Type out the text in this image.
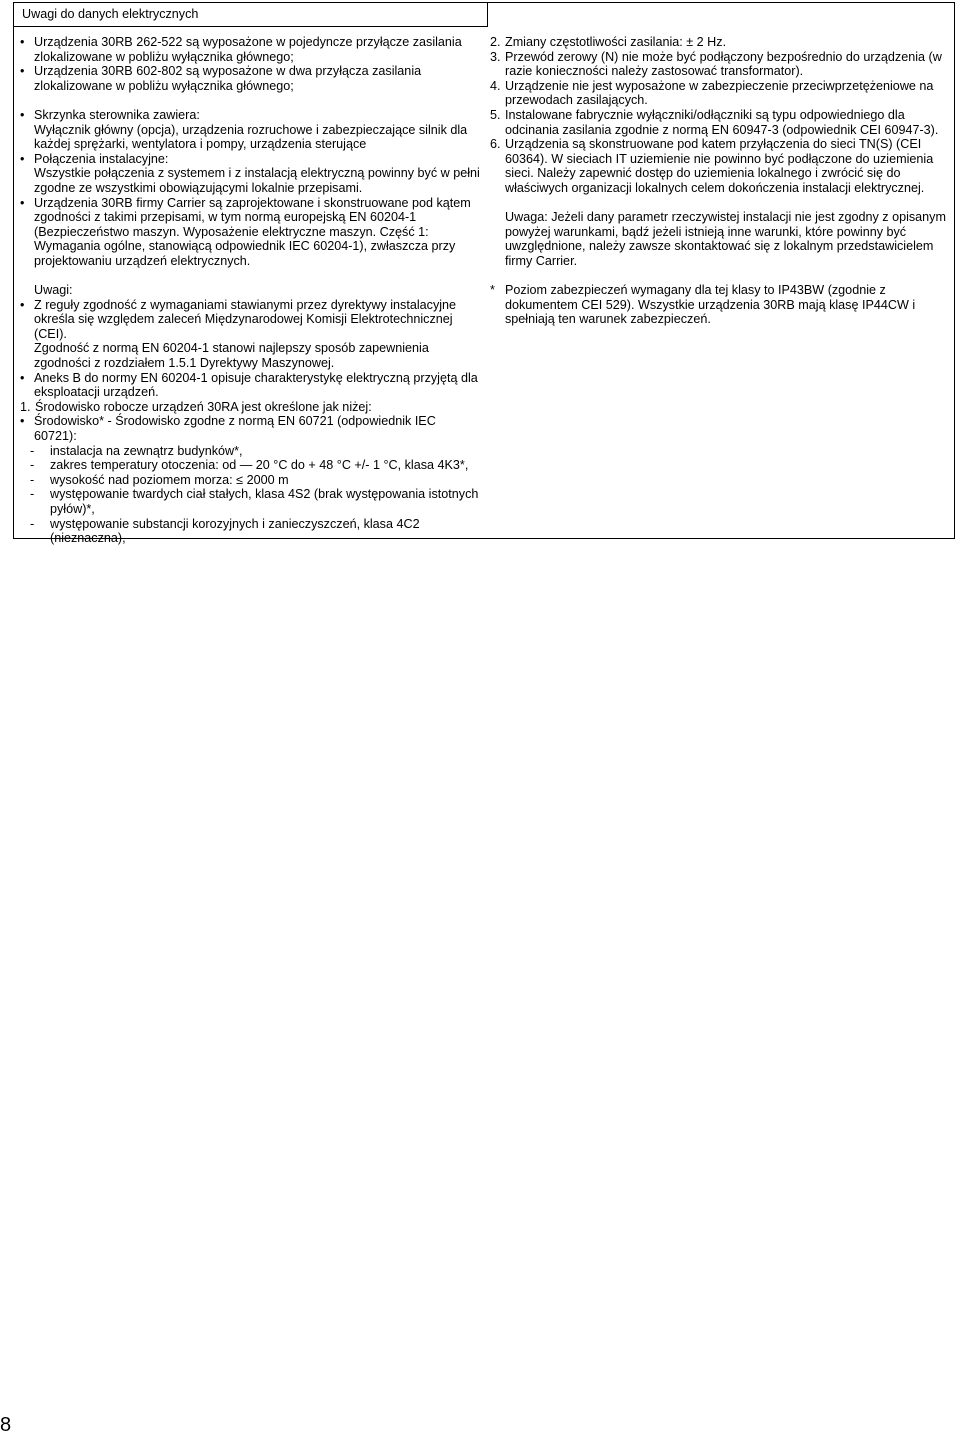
Uwagi do danych elektrycznych
• Urządzenia 30RB 262-522 są wyposażone w pojedyncze przyłącze zasilania zlokalizowane w pobliżu wyłącznika głównego;
• Urządzenia 30RB 602-802 są wyposażone w dwa przyłącza zasilania zlokalizowane w pobliżu wyłącznika głównego;
• Skrzynka sterownika zawiera:
Wyłącznik główny (opcja), urządzenia rozruchowe i zabezpieczające silnik dla każdej sprężarki, wentylatora i pompy, urządzenia sterujące
• Połączenia instalacyjne:
Wszystkie połączenia z systemem i z instalacją elektryczną powinny być w pełni zgodne ze wszystkimi obowiązującymi lokalnie przepisami.
• Urządzenia 30RB firmy Carrier są zaprojektowane i skonstruowane pod kątem zgodności z takimi przepisami, w tym normą europejską EN 60204-1 (Bezpieczeństwo maszyn. Wyposażenie elektryczne maszyn. Część 1: Wymagania ogólne, stanowiącą odpowiednik IEC 60204-1), zwłaszcza przy projektowaniu urządzeń elektrycznych.
Uwagi:
• Z reguły zgodność z wymaganiami stawianymi przez dyrektywy instalacyjne określa się względem zaleceń Międzynarodowej Komisji Elektrotechnicznej (CEI).
Zgodność z normą EN 60204-1 stanowi najlepszy sposób zapewnienia zgodności z rozdziałem 1.5.1 Dyrektywy Maszynowej.
• Aneks B do normy EN 60204-1 opisuje charakterystykę elektryczną przyjętą dla eksploatacji urządzeń.
1. Środowisko robocze urządzeń 30RA jest określone jak niżej:
• Środowisko* - Środowisko zgodne z normą EN 60721 (odpowiednik IEC 60721):
- instalacja na zewnątrz budynków*,
- zakres temperatury otoczenia: od — 20 °C do + 48 °C +/- 1 °C, klasa 4K3*,
- wysokość nad poziomem morza: ≤ 2000 m
- występowanie twardych ciał stałych, klasa 4S2 (brak występowania istotnych pyłów)*,
- występowanie substancji korozyjnych i zanieczyszczeń, klasa 4C2 (nieznaczna),
2. Zmiany częstotliwości zasilania: ± 2 Hz.
3. Przewód zerowy (N) nie może być podłączony bezpośrednio do urządzenia (w razie konieczności należy zastosować transformator).
4. Urządzenie nie jest wyposażone w zabezpieczenie przeciwprzetężeniowe na przewodach zasilających.
5. Instalowane fabrycznie wyłączniki/odłączniki są typu odpowiedniego dla odcinania zasilania zgodnie z normą EN 60947-3 (odpowiednik CEI 60947-3).
6. Urządzenia są skonstruowane pod katem przyłączenia do sieci TN(S) (CEI 60364). W sieciach IT uziemienie nie powinno być podłączone do uziemienia sieci. Należy zapewnić dostęp do uziemienia lokalnego i zwrócić się do właściwych organizacji lokalnych celem dokończenia instalacji elektrycznej.
Uwaga: Jeżeli dany parametr rzeczywistej instalacji nie jest zgodny z opisanym powyżej warunkami, bądź jeżeli istnieją inne warunki, które powinny być uwzględnione, należy zawsze skontaktować się z lokalnym przedstawicielem firmy Carrier.
* Poziom zabezpieczeń wymagany dla tej klasy to IP43BW (zgodnie z dokumentem CEI 529). Wszystkie urządzenia 30RB mają klasę IP44CW i spełniają ten warunek zabezpieczeń.
8
